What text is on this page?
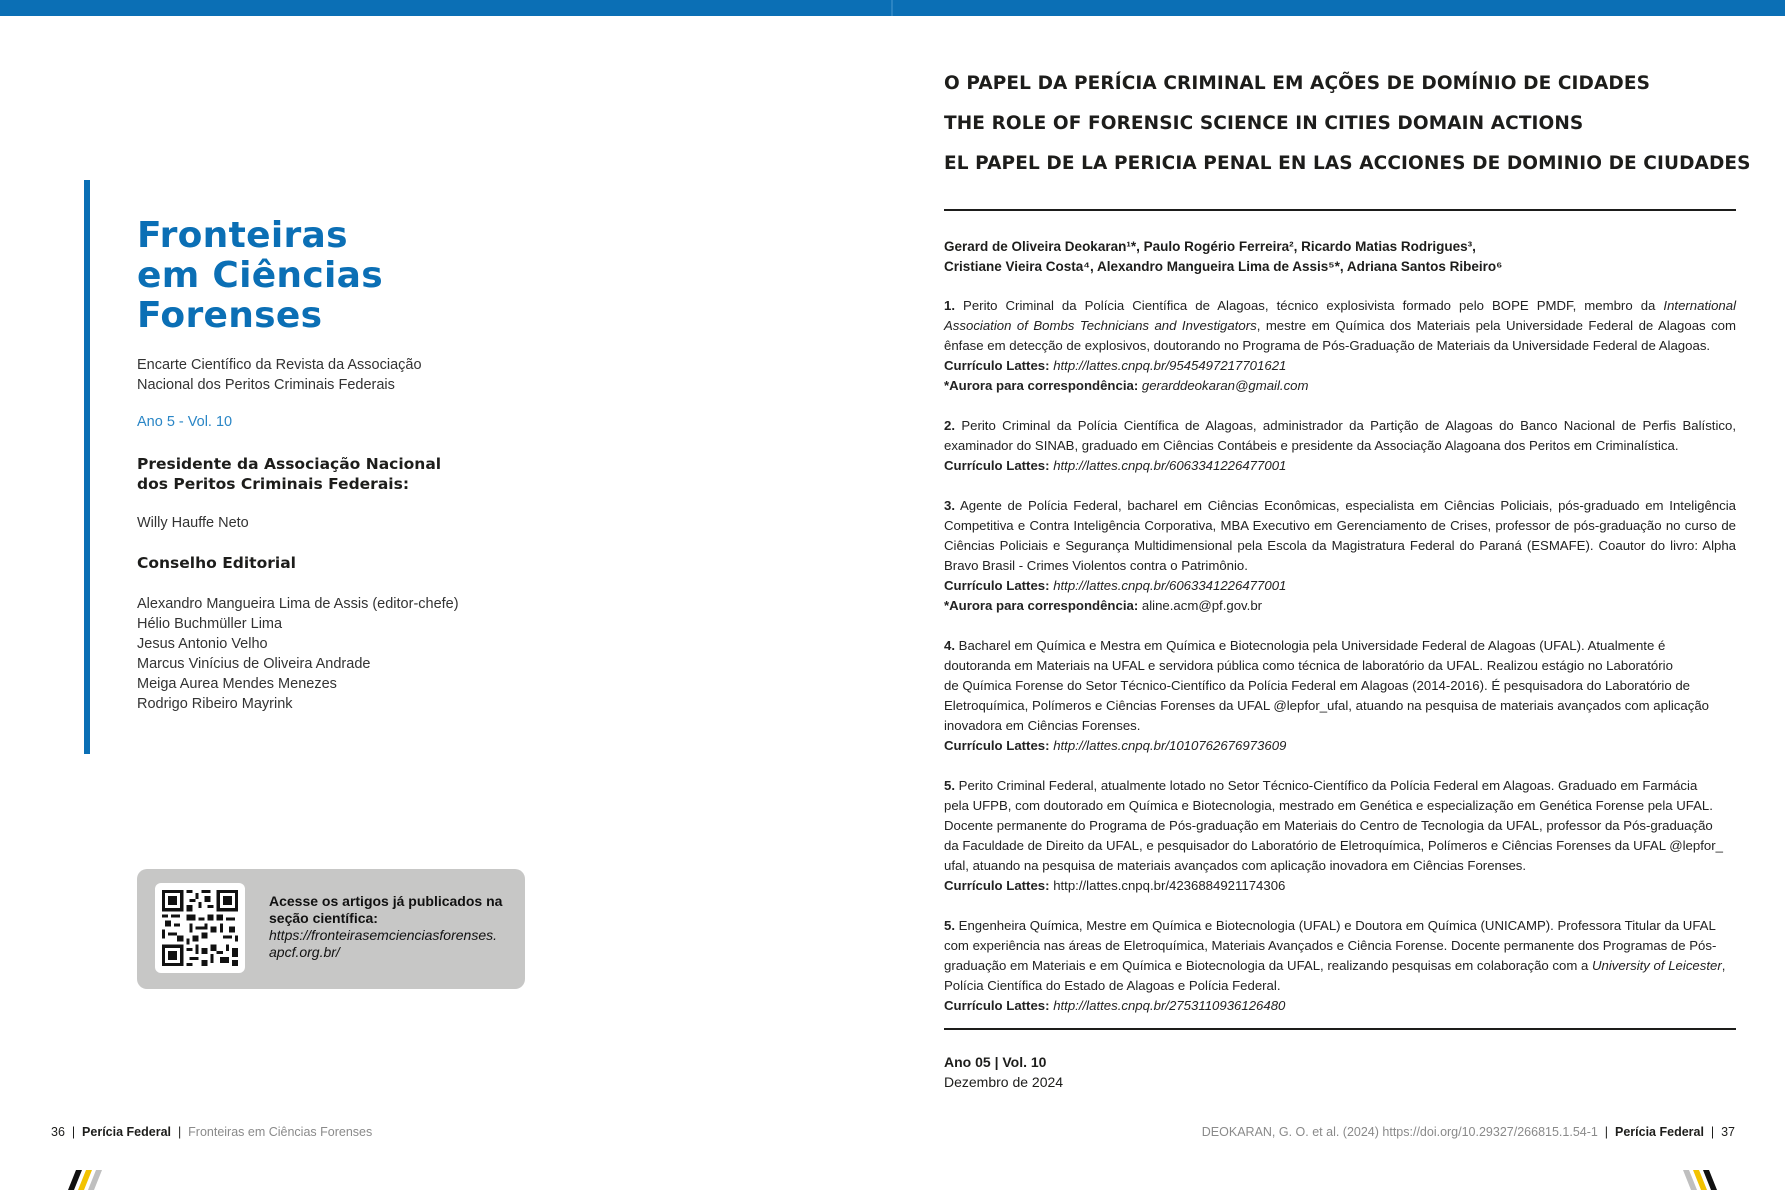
Fronteiras
em Ciências
Forenses
Encarte Científico da Revista da Associação Nacional dos Peritos Criminais Federais
Ano 5 - Vol. 10
Presidente da Associação Nacional dos Peritos Criminais Federais:
Willy Hauffe Neto
Conselho Editorial
Alexandro Mangueira Lima de Assis (editor-chefe)
Hélio Buchmüller Lima
Jesus Antonio Velho
Marcus Vinícius de Oliveira Andrade
Meiga Aurea Mendes Menezes
Rodrigo Ribeiro Mayrink
Acesse os artigos já publicados na seção científica:
https://fronteirasemcienciasforenses.
apcf.org.br/
O PAPEL DA PERÍCIA CRIMINAL EM AÇÕES DE DOMÍNIO DE CIDADES
THE ROLE OF FORENSIC SCIENCE IN CITIES DOMAIN ACTIONS
EL PAPEL DE LA PERICIA PENAL EN LAS ACCIONES DE DOMINIO DE CIUDADES
Gerard de Oliveira Deokaran¹*, Paulo Rogério Ferreira², Ricardo Matias Rodrigues³,
Cristiane Vieira Costa⁴, Alexandro Mangueira Lima de Assis⁵*, Adriana Santos Ribeiro⁶
1. Perito Criminal da Polícia Científica de Alagoas, técnico explosivista formado pelo BOPE PMDF, membro da International Association of Bombs Technicians and Investigators, mestre em Química dos Materiais pela Universidade Federal de Alagoas com ênfase em detecção de explosivos, doutorando no Programa de Pós-Graduação de Materiais da Universidade Federal de Alagoas.
Currículo Lattes: http://lattes.cnpq.br/9545497217701621
*Aurora para correspondência: gerarddeokaran@gmail.com
2. Perito Criminal da Polícia Científica de Alagoas, administrador da Partição de Alagoas do Banco Nacional de Perfis Balístico, examinador do SINAB, graduado em Ciências Contábeis e presidente da Associação Alagoana dos Peritos em Criminalística.
Currículo Lattes: http://lattes.cnpq.br/6063341226477001
3. Agente de Polícia Federal, bacharel em Ciências Econômicas, especialista em Ciências Policiais, pós-graduado em Inteligência Competitiva e Contra Inteligência Corporativa, MBA Executivo em Gerenciamento de Crises, professor de pós-graduação no curso de Ciências Policiais e Segurança Multidimensional pela Escola da Magistratura Federal do Paraná (ESMAFE). Coautor do livro: Alpha Bravo Brasil - Crimes Violentos contra o Patrimônio.
Currículo Lattes: http://lattes.cnpq.br/6063341226477001
*Aurora para correspondência: aline.acm@pf.gov.br
4. Bacharel em Química e Mestra em Química e Biotecnologia pela Universidade Federal de Alagoas (UFAL). Atualmente é
doutoranda em Materiais na UFAL e servidora pública como técnica de laboratório da UFAL. Realizou estágio no Laboratório
de Química Forense do Setor Técnico-Científico da Polícia Federal em Alagoas (2014-2016). É pesquisadora do Laboratório de
Eletroquímica, Polímeros e Ciências Forenses da UFAL @lepfor_ufal, atuando na pesquisa de materiais avançados com aplicação
inovadora em Ciências Forenses.
Currículo Lattes: http://lattes.cnpq.br/1010762676973609
5. Perito Criminal Federal, atualmente lotado no Setor Técnico-Científico da Polícia Federal em Alagoas. Graduado em Farmácia
pela UFPB, com doutorado em Química e Biotecnologia, mestrado em Genética e especialização em Genética Forense pela UFAL.
Docente permanente do Programa de Pós-graduação em Materiais do Centro de Tecnologia da UFAL, professor da Pós-graduação
da Faculdade de Direito da UFAL, e pesquisador do Laboratório de Eletroquímica, Polímeros e Ciências Forenses da UFAL @lepfor_
ufal, atuando na pesquisa de materiais avançados com aplicação inovadora em Ciências Forenses.
Currículo Lattes: http://lattes.cnpq.br/4236884921174306
5. Engenheira Química, Mestre em Química e Biotecnologia (UFAL) e Doutora em Química (UNICAMP). Professora Titular da UFAL
com experiência nas áreas de Eletroquímica, Materiais Avançados e Ciência Forense. Docente permanente dos Programas de Pós-
graduação em Materiais e em Química e Biotecnologia da UFAL, realizando pesquisas em colaboração com a University of Leicester,
Polícia Científica do Estado de Alagoas e Polícia Federal.
Currículo Lattes: http://lattes.cnpq.br/2753110936126480
Ano 05 | Vol. 10
Dezembro de 2024
36  |  Perícia Federal  |  Fronteiras em Ciências Forenses	DEOKARAN, G. O. et al. (2024) https://doi.org/10.29327/266815.1.54-1  |  Perícia Federal  |  37
